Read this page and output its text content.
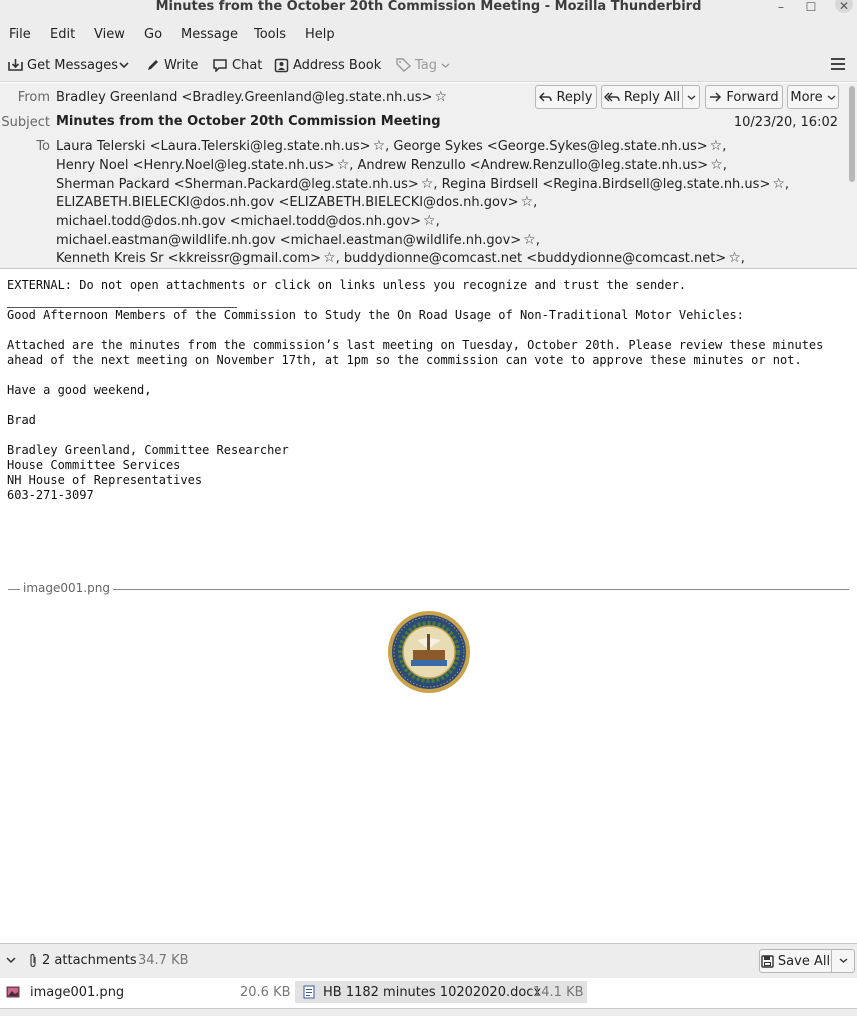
Minutes from the October 20th Commission Meeting - Mozilla Thunderbird	–	☐	✕
File Edit View Go Message Tools Help
Get Messages	Write	Chat Address Book	Tag
From Bradley Greenland <Bradley.Greenland@leg.state.nh.us> ☆	Reply Reply All	Forward More
Subject Minutes from the October 20th Commission Meeting	10/23/20, 16:02
To Laura Telerski <Laura.Telerski@leg.state.nh.us> ☆, George Sykes <George.Sykes@leg.state.nh.us> ☆,
Henry Noel <Henry.Noel@leg.state.nh.us> ☆, Andrew Renzullo <Andrew.Renzullo@leg.state.nh.us> ☆,
Sherman Packard <Sherman.Packard@leg.state.nh.us> ☆, Regina Birdsell <Regina.Birdsell@leg.state.nh.us> ☆,
ELIZABETH.BIELECKI@dos.nh.gov <ELIZABETH.BIELECKI@dos.nh.gov> ☆,
michael.todd@dos.nh.gov <michael.todd@dos.nh.gov> ☆,
michael.eastman@wildlife.nh.gov <michael.eastman@wildlife.nh.gov> ☆,
Kenneth Kreis Sr <kkreissr@gmail.com> ☆, buddydionne@comcast.net <buddydionne@comcast.net> ☆,
EXTERNAL: Do not open attachments or click on links unless you recognize and trust the sender.
Good Afternoon Members of the Commission to Study the On Road Usage of Non-Traditional Motor Vehicles:
Attached are the minutes from the commission’s last meeting on Tuesday, October 20th. Please review these minutes
ahead of the next meeting on November 17th, at 1pm so the commission can vote to approve these minutes or not.
Have a good weekend,
Brad
Bradley Greenland, Committee Researcher
House Committee Services
NH House of Representatives
603-271-3097
image001.png
2 attachments 34.7 KB	Save All
image001.png	20.6 KB HB 1182 minutes 10202020.docx
14.1 KB
